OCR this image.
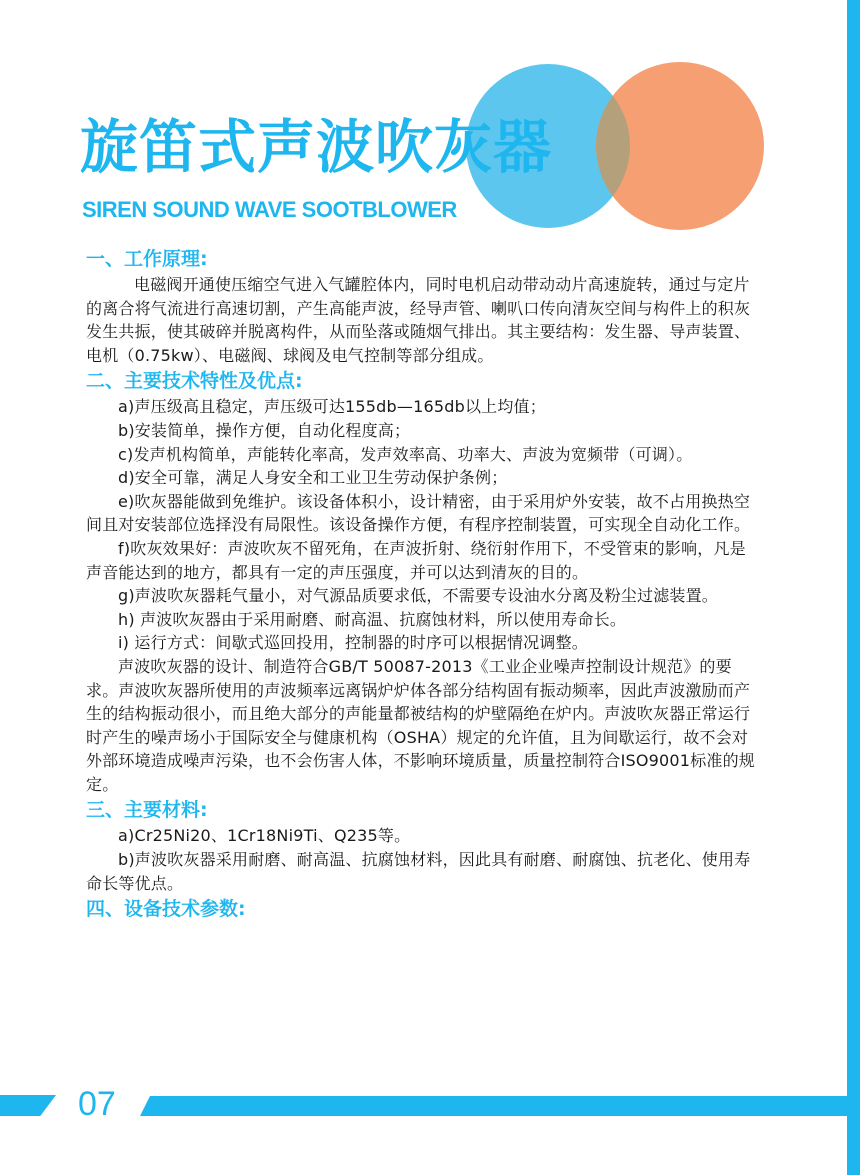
旋笛式声波吹灰器
SIREN SOUND WAVE SOOTBLOWER
一、工作原理:

电磁阀开通使压缩空气进入气罐腔体内，同时电机启动带动动片高速旋转，通过与定片的离合将气流进行高速切割，产生高能声波，经导声管、喇叭口传向清灰空间与构件上的积灰发生共振，使其破碎并脱离构件，从而坠落或随烟气排出。其主要结构：发生器、导声装置、电机（0.75kw）、电磁阀、球阀及电气控制等部分组成。

二、主要技术特性及优点:

a)声压级高且稳定，声压级可达155db—165db以上均值；

b)安装简单，操作方便，自动化程度高；

c)发声机构简单，声能转化率高，发声效率高、功率大、声波为宽频带（可调）。

d)安全可靠，满足人身安全和工业卫生劳动保护条例；

e)吹灰器能做到免维护。该设备体积小，设计精密，由于采用炉外安装，故不占用换热空间且对安装部位选择没有局限性。该设备操作方便，有程序控制装置，可实现全自动化工作。

f)吹灰效果好：声波吹灰不留死角，在声波折射、绕衍射作用下，不受管束的影响，凡是声音能达到的地方，都具有一定的声压强度，并可以达到清灰的目的。

g)声波吹灰器耗气量小，对气源品质要求低，不需要专设油水分离及粉尘过滤装置。

h) 声波吹灰器由于采用耐磨、耐高温、抗腐蚀材料，所以使用寿命长。

i) 运行方式：间歇式巡回投用，控制器的时序可以根据情况调整。

声波吹灰器的设计、制造符合GB/T 50087-2013《工业企业噪声控制设计规范》的要求。声波吹灰器所使用的声波频率远离锅炉炉体各部分结构固有振动频率，因此声波激励而产生的结构振动很小，而且绝大部分的声能量都被结构的炉壁隔绝在炉内。声波吹灰器正常运行时产生的噪声场小于国际安全与健康机构（OSHA）规定的允许值，且为间歇运行，故不会对外部环境造成噪声污染，也不会伤害人体，不影响环境质量，质量控制符合ISO9001标准的规定。

三、主要材料:

a)Cr25Ni20、1Cr18Ni9Ti、Q235等。

b)声波吹灰器采用耐磨、耐高温、抗腐蚀材料，因此具有耐磨、耐腐蚀、抗老化、使用寿命长等优点。

四、设备技术参数:
07
